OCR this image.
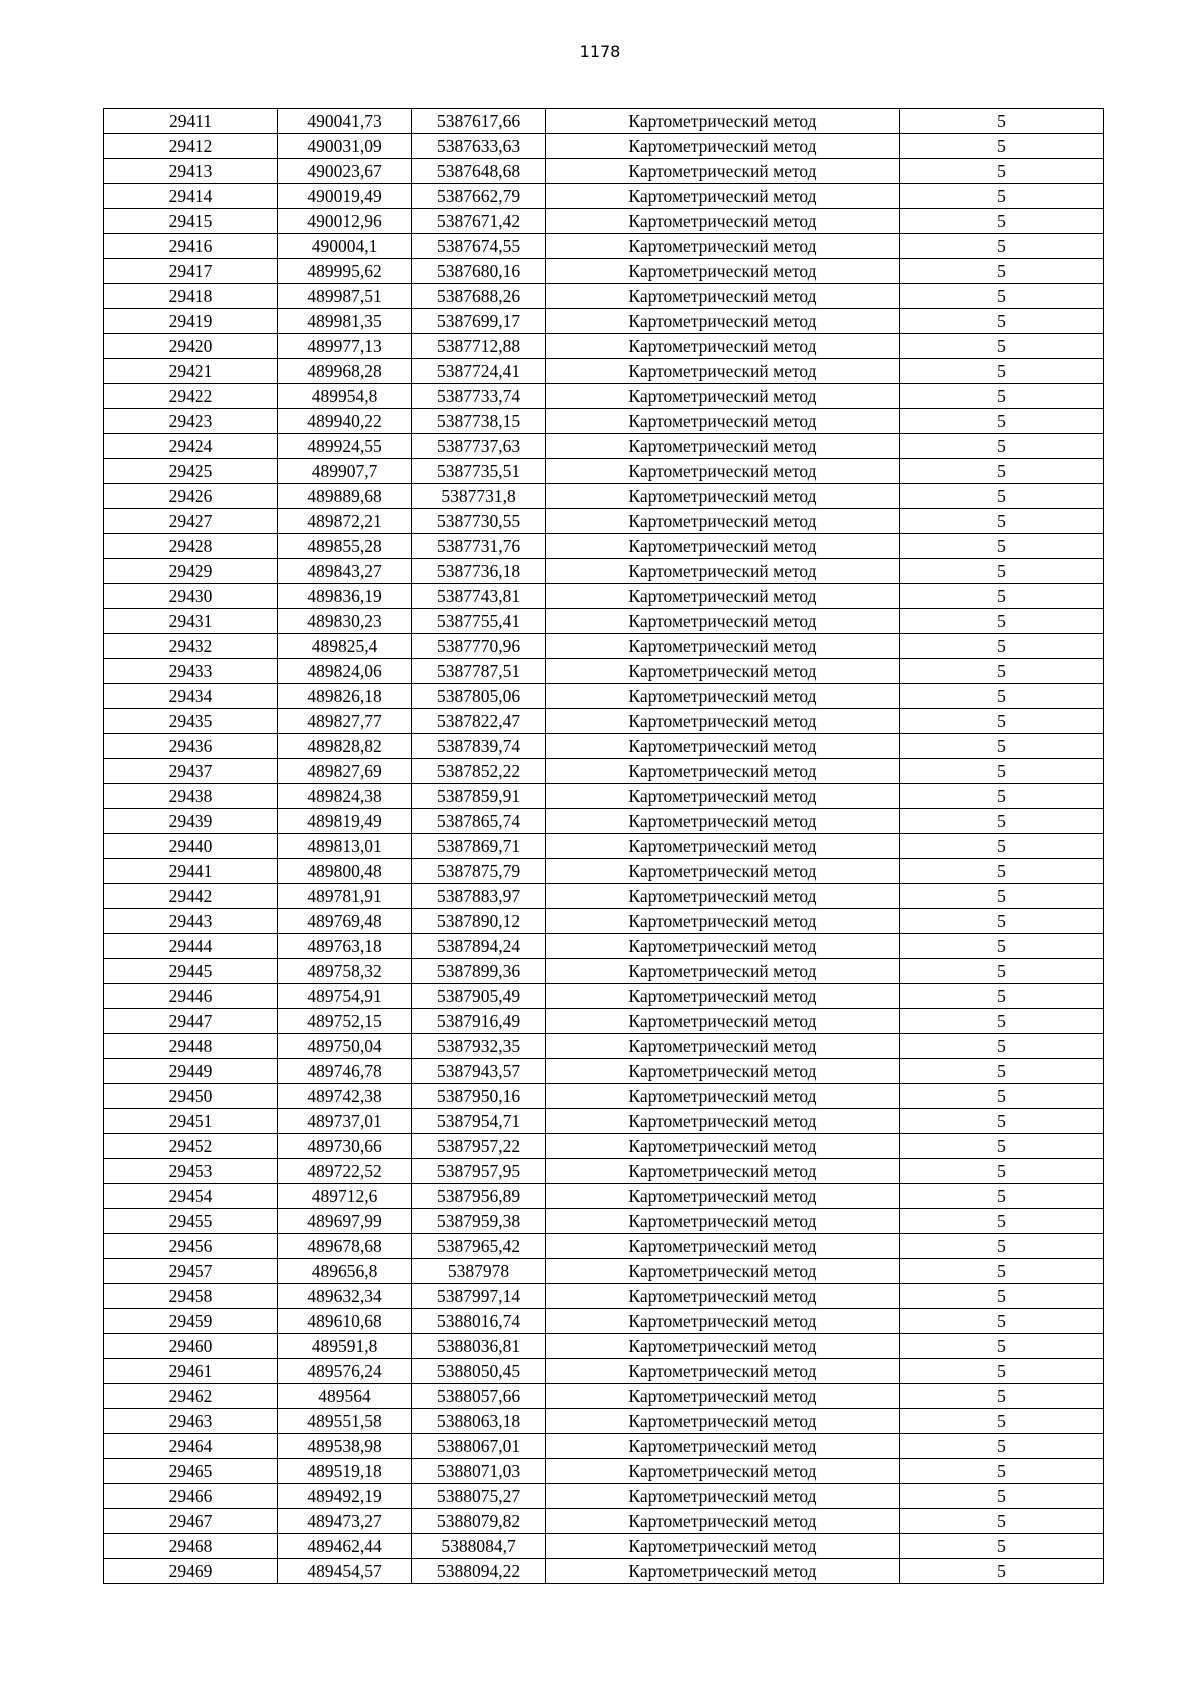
1178
29411	490041,73	5387617,66	Картометрический метод	5
29412	490031,09	5387633,63	Картометрический метод	5
29413	490023,67	5387648,68	Картометрический метод	5
29414	490019,49	5387662,79	Картометрический метод	5
29415	490012,96	5387671,42	Картометрический метод	5
29416	490004,1	5387674,55	Картометрический метод	5
29417	489995,62	5387680,16	Картометрический метод	5
29418	489987,51	5387688,26	Картометрический метод	5
29419	489981,35	5387699,17	Картометрический метод	5
29420	489977,13	5387712,88	Картометрический метод	5
29421	489968,28	5387724,41	Картометрический метод	5
29422	489954,8	5387733,74	Картометрический метод	5
29423	489940,22	5387738,15	Картометрический метод	5
29424	489924,55	5387737,63	Картометрический метод	5
29425	489907,7	5387735,51	Картометрический метод	5
29426	489889,68	5387731,8	Картометрический метод	5
29427	489872,21	5387730,55	Картометрический метод	5
29428	489855,28	5387731,76	Картометрический метод	5
29429	489843,27	5387736,18	Картометрический метод	5
29430	489836,19	5387743,81	Картометрический метод	5
29431	489830,23	5387755,41	Картометрический метод	5
29432	489825,4	5387770,96	Картометрический метод	5
29433	489824,06	5387787,51	Картометрический метод	5
29434	489826,18	5387805,06	Картометрический метод	5
29435	489827,77	5387822,47	Картометрический метод	5
29436	489828,82	5387839,74	Картометрический метод	5
29437	489827,69	5387852,22	Картометрический метод	5
29438	489824,38	5387859,91	Картометрический метод	5
29439	489819,49	5387865,74	Картометрический метод	5
29440	489813,01	5387869,71	Картометрический метод	5
29441	489800,48	5387875,79	Картометрический метод	5
29442	489781,91	5387883,97	Картометрический метод	5
29443	489769,48	5387890,12	Картометрический метод	5
29444	489763,18	5387894,24	Картометрический метод	5
29445	489758,32	5387899,36	Картометрический метод	5
29446	489754,91	5387905,49	Картометрический метод	5
29447	489752,15	5387916,49	Картометрический метод	5
29448	489750,04	5387932,35	Картометрический метод	5
29449	489746,78	5387943,57	Картометрический метод	5
29450	489742,38	5387950,16	Картометрический метод	5
29451	489737,01	5387954,71	Картометрический метод	5
29452	489730,66	5387957,22	Картометрический метод	5
29453	489722,52	5387957,95	Картометрический метод	5
29454	489712,6	5387956,89	Картометрический метод	5
29455	489697,99	5387959,38	Картометрический метод	5
29456	489678,68	5387965,42	Картометрический метод	5
29457	489656,8	5387978	Картометрический метод	5
29458	489632,34	5387997,14	Картометрический метод	5
29459	489610,68	5388016,74	Картометрический метод	5
29460	489591,8	5388036,81	Картометрический метод	5
29461	489576,24	5388050,45	Картометрический метод	5
29462	489564	5388057,66	Картометрический метод	5
29463	489551,58	5388063,18	Картометрический метод	5
29464	489538,98	5388067,01	Картометрический метод	5
29465	489519,18	5388071,03	Картометрический метод	5
29466	489492,19	5388075,27	Картометрический метод	5
29467	489473,27	5388079,82	Картометрический метод	5
29468	489462,44	5388084,7	Картометрический метод	5
29469	489454,57	5388094,22	Картометрический метод	5
